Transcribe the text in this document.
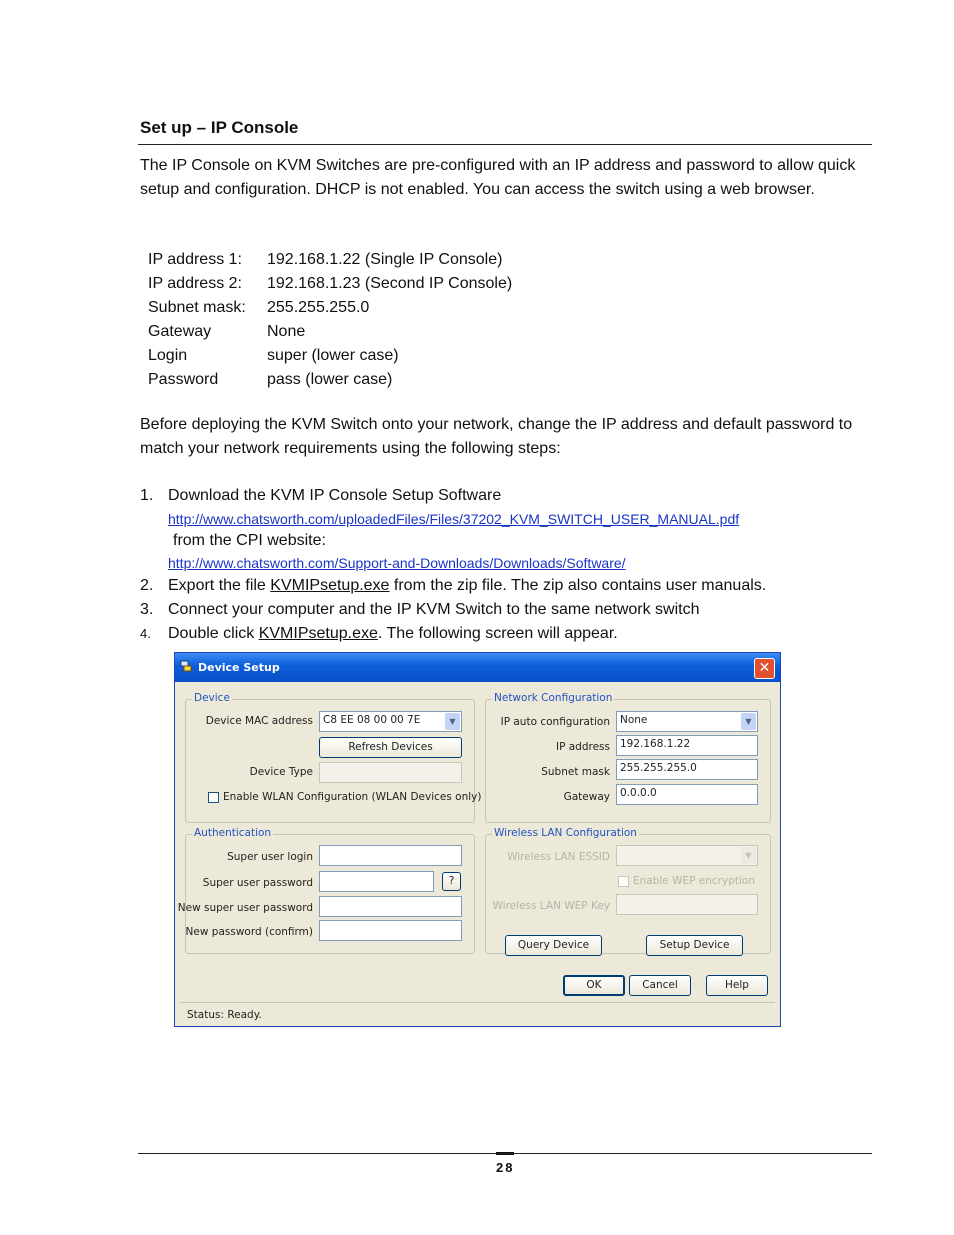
Set up – IP Console
The IP Console on KVM Switches are pre-configured with an IP address and password to allow quick setup and configuration. DHCP is not enabled. You can access the switch using a web browser.
IP address 1:	192.168.1.22 (Single IP Console)
IP address 2:	192.168.1.23 (Second IP Console)
Subnet mask:	255.255.255.0
Gateway	None
Login	super (lower case)
Password	pass (lower case)
Before deploying the KVM Switch onto your network, change the IP address and default password to match your network requirements using the following steps:
1. Download the KVM IP Console Setup Software
http://www.chatsworth.com/uploadedFiles/Files/37202_KVM_SWITCH_USER_MANUAL.pdf
from the CPI website:
http://www.chatsworth.com/Support-and-Downloads/Downloads/Software/
2. Export the file KVMIPsetup.exe from the zip file. The zip also contains user manuals.
3. Connect your computer and the IP KVM Switch to the same network switch
4. Double click KVMIPsetup.exe. The following screen will appear.
Device Setup	✕
Device
Device MAC address C8 EE 08 00 00 7E	▼
Refresh Devices
Device Type
Enable WLAN Configuration (WLAN Devices only)
Network Configuration
IP auto configuration None	▼
IP address 192.168.1.22
Subnet mask 255.255.255.0
Gateway 0.0.0.0
Authentication
Super user login
Super user password	?
New super user password
New password (confirm)
Wireless LAN Configuration
Wireless LAN ESSID	▼
Enable WEP encryption
Wireless LAN WEP Key
Query Device	Setup Device
OK	Cancel	Help
Status: Ready.
28
